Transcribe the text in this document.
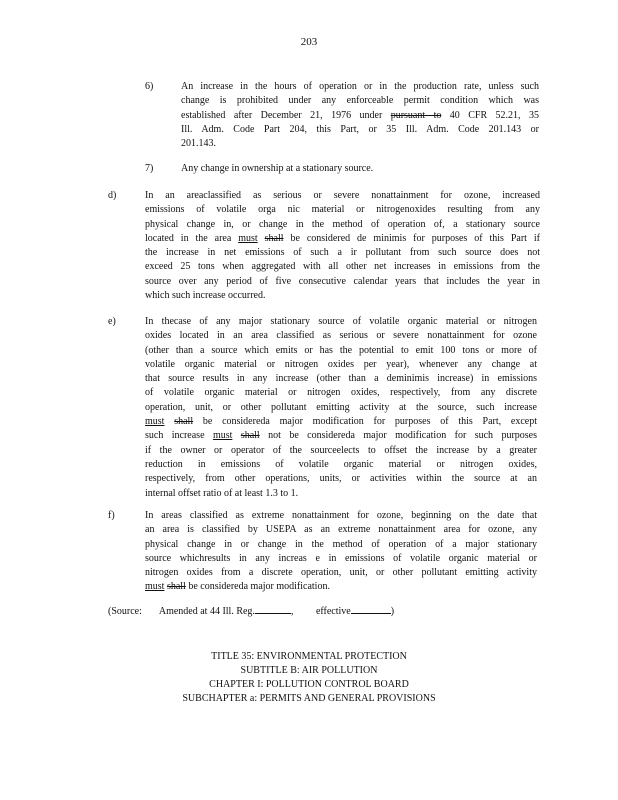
203
6)	An increase in the hours of operation or in the production rate, unless such
change is prohibited under any enforceable permit condition which was
established after December 21, 1976 under pursuant to 40 CFR 52.21, 35
Ill. Adm. Code Part 204, this Part, or 35 Ill. Adm. Code 201.143 or
201.143.
7)	Any change in ownership at a stationary source.
d)	In an areaclassified as serious or severe nonattainment for ozone, increased
emissions of volatile orga nic material or nitrogenoxides resulting from any
physical change in, or change in the method of operation of, a stationary source
located in the area must shall be considered de minimis for purposes of this Part if
the increase in net emissions of such a ir pollutant from such source does not
exceed 25 tons when aggregated with all other net increases in emissions from the
source over any period of five consecutive calendar years that includes the year in
which such increase occurred.
e)	In thecase of any major stationary source of volatile organic material or nitrogen
oxides located in an area classified as serious or severe nonattainment for ozone
(other than a source which emits or has the potential to emit 100 tons or more of
volatile organic material or nitrogen oxides per year), whenever any change at
that source results in any increase (other than a deminimis increase) in emissions
of volatile organic material or nitrogen oxides, respectively, from any discrete
operation, unit, or other pollutant emitting activity at the source, such increase
must shall be considereda major modification for purposes of this Part, except
such increase must shall not be considereda major modification for such purposes
if the owner or operator of the sourceelects to offset the increase by a greater
reduction in emissions of volatile organic material or nitrogen oxides,
respectively, from other operations, units, or activities within the source at an
internal offset ratio of at least 1.3 to 1.
f)	In areas classified as extreme nonattainment for ozone, beginning on the date that
an area is classified by USEPA as an extreme nonattainment area for ozone, any
physical change in or change in the method of operation of a major stationary
source whichresults in any increas e in emissions of volatile organic material or
nitrogen oxides from a discrete operation, unit, or other pollutant emitting activity
must shall be considereda major modification.
(Source: Amended at 44 Ill. Reg.	, effective	)
TITLE 35: ENVIRONMENTAL PROTECTION
SUBTITLE B: AIR POLLUTION
CHAPTER I: POLLUTION CONTROL BOARD
SUBCHAPTER a: PERMITS AND GENERAL PROVISIONS
